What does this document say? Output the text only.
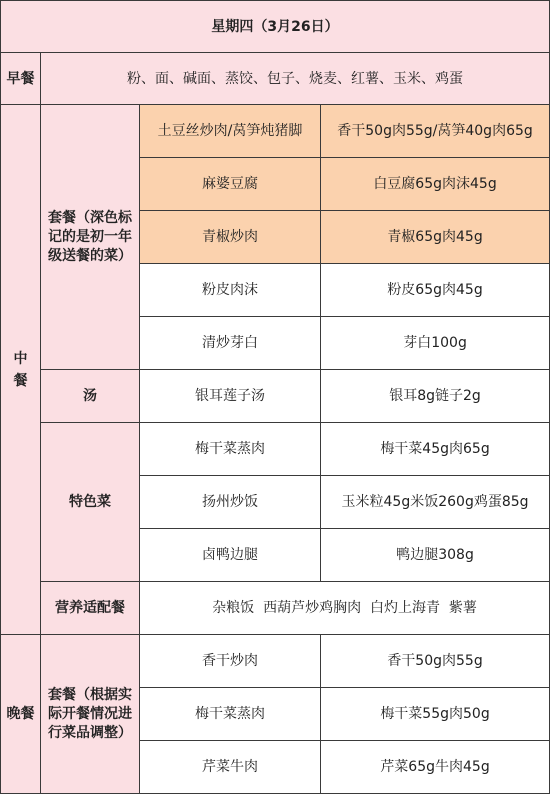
星期四（3月26日）			
早餐	粉、面、碱面、蒸饺、包子、烧麦、红薯、玉米、鸡蛋		
中餐	套餐（深色标记的是初一年级送餐的菜）	土豆丝炒肉/莴笋炖猪脚	香干50g肉55g/莴笋40g肉65g
		麻婆豆腐	白豆腐65g肉沫45g
		青椒炒肉	青椒65g肉45g
		粉皮肉沫	粉皮65g肉45g
		清炒芽白	芽白100g
	汤	银耳莲子汤	银耳8g链子2g
	特色菜	梅干菜蒸肉	梅干菜45g肉65g
		扬州炒饭	玉米粒45g米饭260g鸡蛋85g
		卤鸭边腿	鸭边腿308g
	营养适配餐	杂粮饭  西葫芦炒鸡胸肉  白灼上海青  紫薯	
晚餐	套餐（根据实际开餐情况进行菜品调整）	香干炒肉	香干50g肉55g
		梅干菜蒸肉	梅干菜55g肉50g
		芹菜牛肉	芹菜65g牛肉45g
